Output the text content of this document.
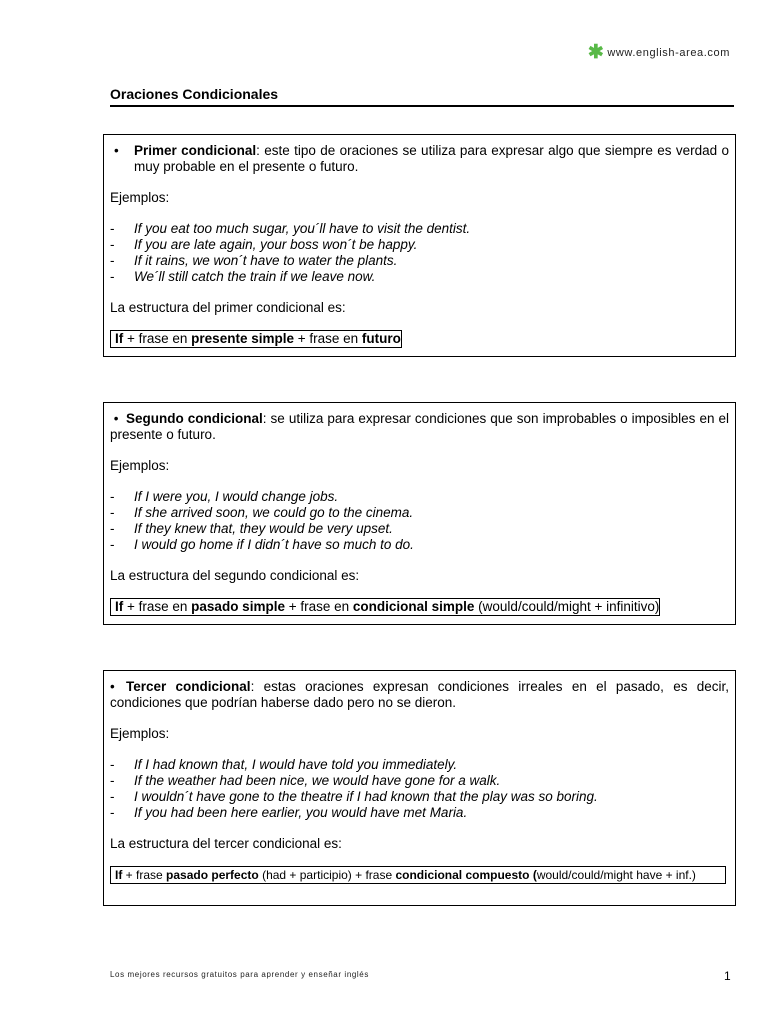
✱ www.english-area.com
Oraciones Condicionales

• Primer condicional: este tipo de oraciones se utiliza para expresar algo que siempre es verdad o muy probable en el presente o futuro.

Ejemplos:

- If you eat too much sugar, you´ll have to visit the dentist.
- If you are late again, your boss won´t be happy.
- If it rains, we won´t have to water the plants.
- We´ll still catch the train if we leave now.

La estructura del primer condicional es:

If + frase en presente simple + frase en futuro

• Segundo condicional: se utiliza para expresar condiciones que son improbables o imposibles en el presente o futuro.

Ejemplos:

- If I were you, I would change jobs.
- If she arrived soon, we could go to the cinema.
- If they knew that, they would be very upset.
- I would go home if I didn´t have so much to do.

La estructura del segundo condicional es:

If + frase en pasado simple + frase en condicional simple (would/could/might + infinitivo)

• Tercer condicional: estas oraciones expresan condiciones irreales en el pasado, es decir, condiciones que podrían haberse dado pero no se dieron.

Ejemplos:

- If I had known that, I would have told you immediately.
- If the weather had been nice, we would have gone for a walk.
- I wouldn´t have gone to the theatre if I had known that the play was so boring.
- If you had been here earlier, you would have met Maria.

La estructura del tercer condicional es:

If + frase pasado perfecto (had + participio) + frase condicional compuesto (would/could/might have + inf.)
Los mejores recursos gratuitos para aprender y enseñar inglés	1
